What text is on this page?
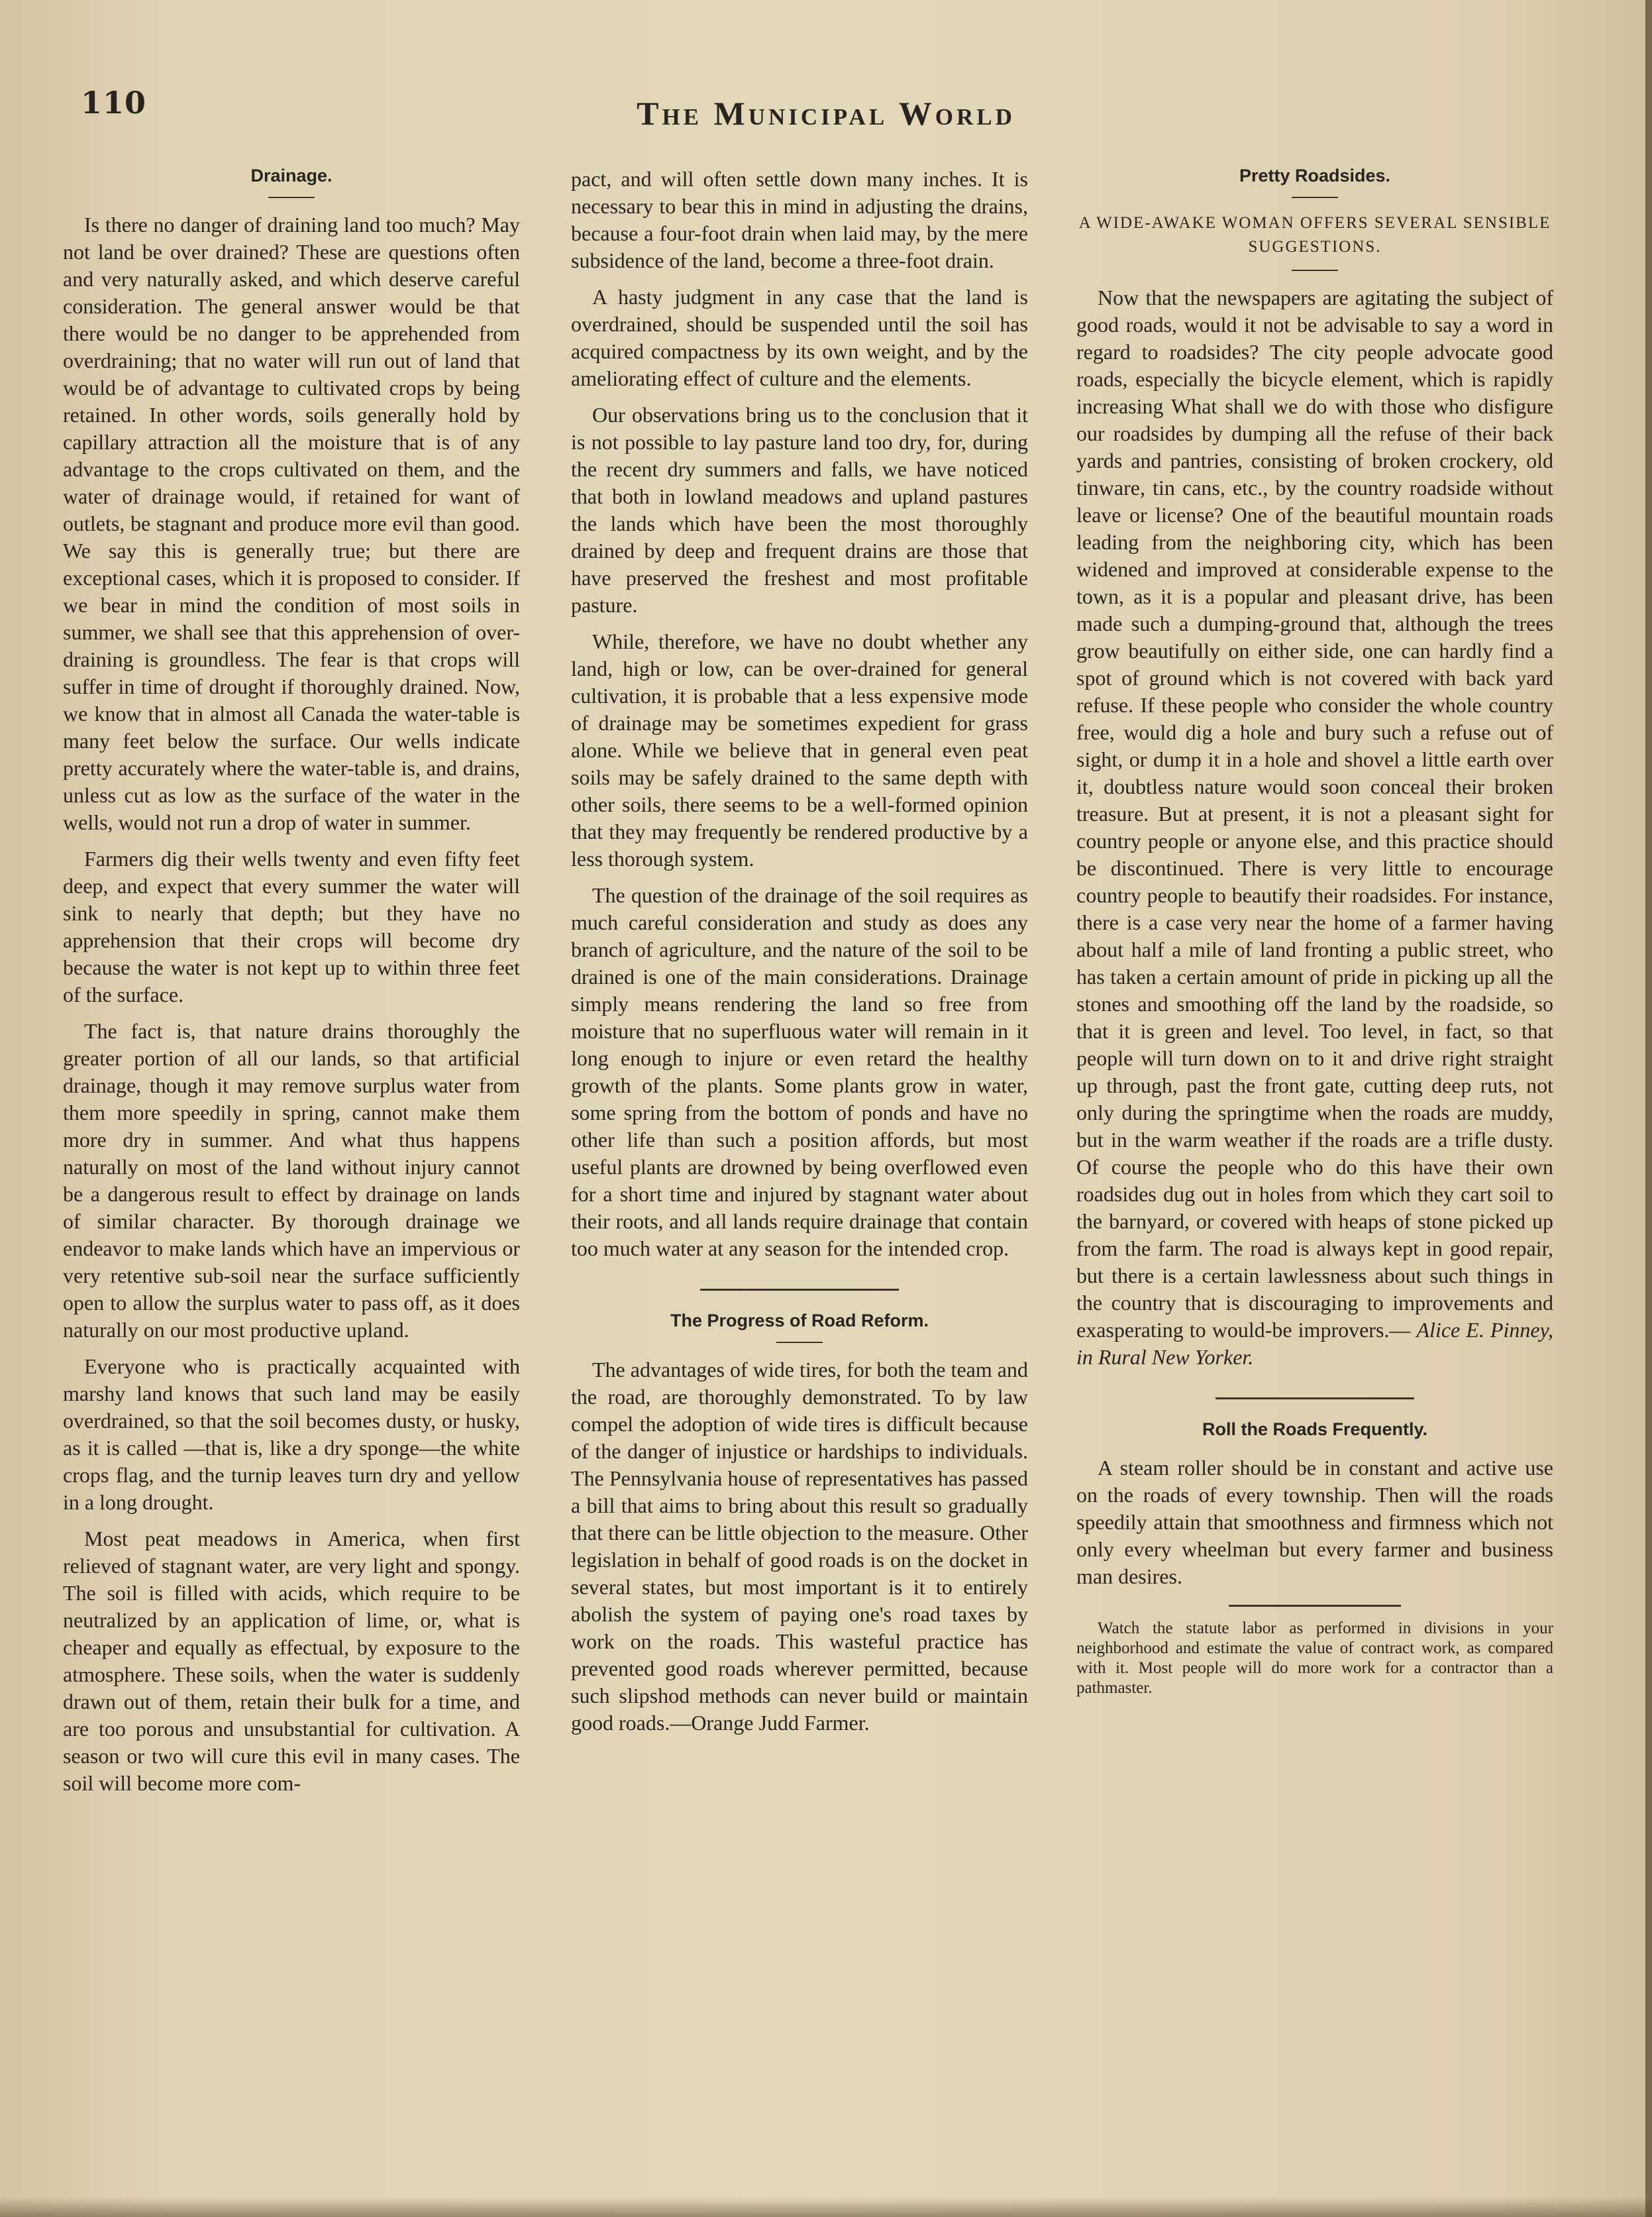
110	The Municipal World
Drainage.

Is there no danger of draining land too much? May not land be over drained? These are questions often and very naturally asked, and which deserve careful consideration. The general answer would be that there would be no danger to be apprehended from overdraining; that no water will run out of land that would be of advantage to cultivated crops by being retained. In other words, soils generally hold by capillary attraction all the moisture that is of any advantage to the crops cultivated on them, and the water of drainage would, if retained for want of outlets, be stagnant and produce more evil than good. We say this is generally true; but there are exceptional cases, which it is proposed to consider. If we bear in mind the condition of most soils in summer, we shall see that this apprehension of over-draining is groundless. The fear is that crops will suffer in time of drought if thoroughly drained. Now, we know that in almost all Canada the water-table is many feet below the surface. Our wells indicate pretty accurately where the water-table is, and drains, unless cut as low as the surface of the water in the wells, would not run a drop of water in summer.

Farmers dig their wells twenty and even fifty feet deep, and expect that every summer the water will sink to nearly that depth; but they have no apprehension that their crops will become dry because the water is not kept up to within three feet of the surface.

The fact is, that nature drains thoroughly the greater portion of all our lands, so that artificial drainage, though it may remove surplus water from them more speedily in spring, cannot make them more dry in summer. And what thus happens naturally on most of the land without injury cannot be a dangerous result to effect by drainage on lands of similar character. By thorough drainage we endeavor to make lands which have an impervious or very retentive sub-soil near the surface sufficiently open to allow the surplus water to pass off, as it does naturally on our most productive upland.

Everyone who is practically acquainted with marshy land knows that such land may be easily overdrained, so that the soil becomes dusty, or husky, as it is called —that is, like a dry sponge—the white crops flag, and the turnip leaves turn dry and yellow in a long drought.

Most peat meadows in America, when first relieved of stagnant water, are very light and spongy. The soil is filled with acids, which require to be neutralized by an application of lime, or, what is cheaper and equally as effectual, by exposure to the atmosphere. These soils, when the water is suddenly drawn out of them, retain their bulk for a time, and are too porous and unsubstantial for cultivation. A season or two will cure this evil in many cases. The soil will become more com-

pact, and will often settle down many inches. It is necessary to bear this in mind in adjusting the drains, because a four-foot drain when laid may, by the mere subsidence of the land, become a three-foot drain.

A hasty judgment in any case that the land is overdrained, should be suspended until the soil has acquired compactness by its own weight, and by the ameliorating effect of culture and the elements.

Our observations bring us to the conclusion that it is not possible to lay pasture land too dry, for, during the recent dry summers and falls, we have noticed that both in lowland meadows and upland pastures the lands which have been the most thoroughly drained by deep and frequent drains are those that have preserved the freshest and most profitable pasture.

While, therefore, we have no doubt whether any land, high or low, can be over-drained for general cultivation, it is probable that a less expensive mode of drainage may be sometimes expedient for grass alone. While we believe that in general even peat soils may be safely drained to the same depth with other soils, there seems to be a well-formed opinion that they may frequently be rendered productive by a less thorough system.

The question of the drainage of the soil requires as much careful consideration and study as does any branch of agriculture, and the nature of the soil to be drained is one of the main considerations. Drainage simply means rendering the land so free from moisture that no superfluous water will remain in it long enough to injure or even retard the healthy growth of the plants. Some plants grow in water, some spring from the bottom of ponds and have no other life than such a position affords, but most useful plants are drowned by being overflowed even for a short time and injured by stagnant water about their roots, and all lands require drainage that contain too much water at any season for the intended crop.

The Progress of Road Reform.

The advantages of wide tires, for both the team and the road, are thoroughly demonstrated. To by law compel the adoption of wide tires is difficult because of the danger of injustice or hardships to individuals. The Pennsylvania house of representatives has passed a bill that aims to bring about this result so gradually that there can be little objection to the measure. Other legislation in behalf of good roads is on the docket in several states, but most important is it to entirely abolish the system of paying one's road taxes by work on the roads. This wasteful practice has prevented good roads wherever permitted, because such slipshod methods can never build or maintain good roads.—Orange Judd Farmer.

Pretty Roadsides.
A WIDE-AWAKE WOMAN OFFERS SEVERAL SENSIBLE SUGGESTIONS.

Now that the newspapers are agitating the subject of good roads, would it not be advisable to say a word in regard to roadsides? The city people advocate good roads, especially the bicycle element, which is rapidly increasing What shall we do with those who disfigure our roadsides by dumping all the refuse of their back yards and pantries, consisting of broken crockery, old tinware, tin cans, etc., by the country roadside without leave or license? One of the beautiful mountain roads leading from the neighboring city, which has been widened and improved at considerable expense to the town, as it is a popular and pleasant drive, has been made such a dumping-ground that, although the trees grow beautifully on either side, one can hardly find a spot of ground which is not covered with back yard refuse. If these people who consider the whole country free, would dig a hole and bury such a refuse out of sight, or dump it in a hole and shovel a little earth over it, doubtless nature would soon conceal their broken treasure. But at present, it is not a pleasant sight for country people or anyone else, and this practice should be discontinued. There is very little to encourage country people to beautify their roadsides. For instance, there is a case very near the home of a farmer having about half a mile of land fronting a public street, who has taken a certain amount of pride in picking up all the stones and smoothing off the land by the roadside, so that it is green and level. Too level, in fact, so that people will turn down on to it and drive right straight up through, past the front gate, cutting deep ruts, not only during the springtime when the roads are muddy, but in the warm weather if the roads are a trifle dusty. Of course the people who do this have their own roadsides dug out in holes from which they cart soil to the barnyard, or covered with heaps of stone picked up from the farm. The road is always kept in good repair, but there is a certain lawlessness about such things in the country that is discouraging to improvements and exasperating to would-be improvers.— Alice E. Pinney, in Rural New Yorker.

Roll the Roads Frequently.

A steam roller should be in constant and active use on the roads of every township. Then will the roads speedily attain that smoothness and firmness which not only every wheelman but every farmer and business man desires.

Watch the statute labor as performed in divisions in your neighborhood and estimate the value of contract work, as compared with it. Most people will do more work for a contractor than a pathmaster.
